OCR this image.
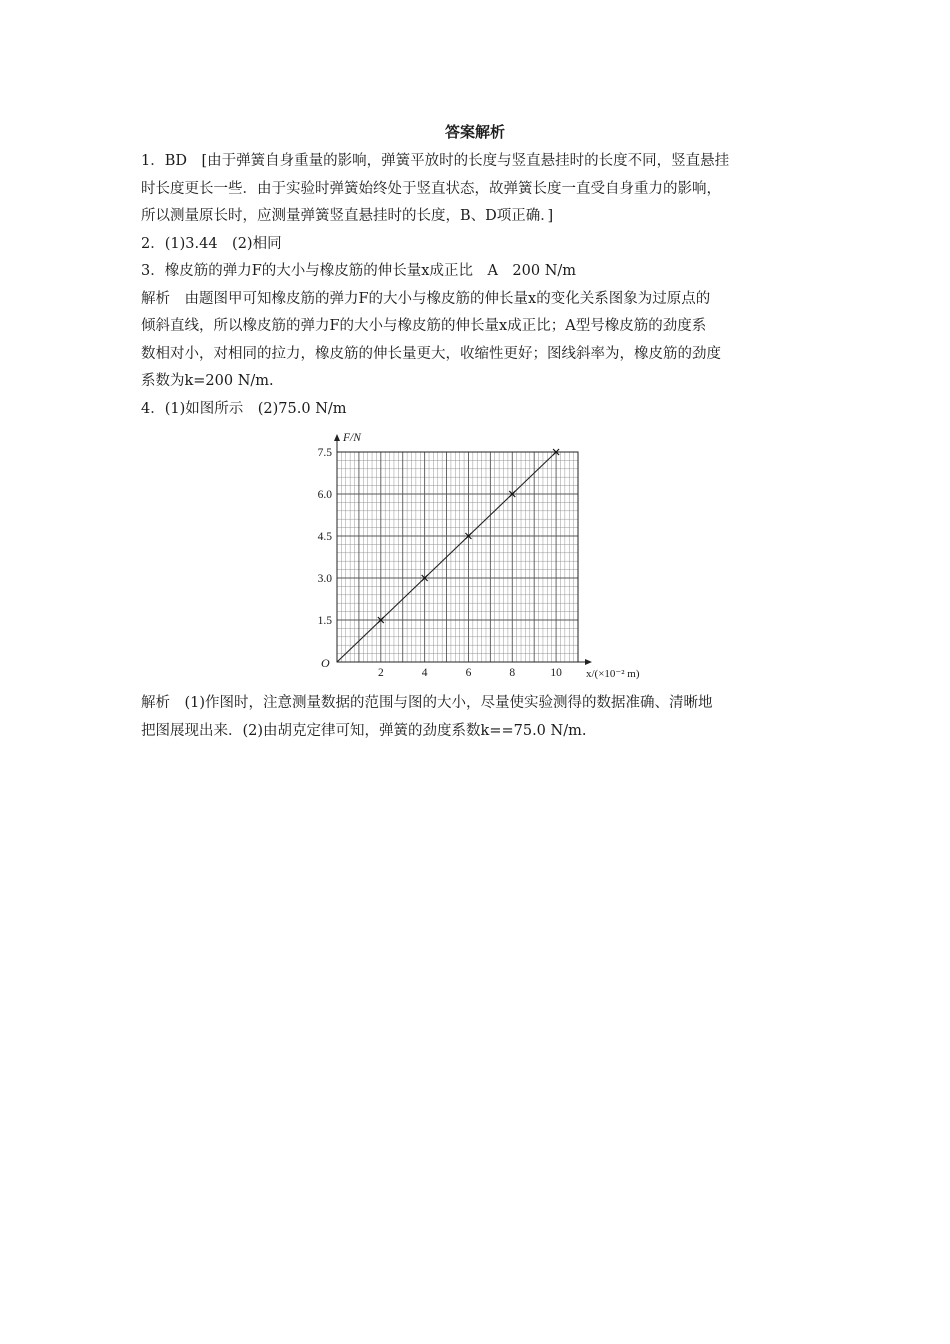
答案解析

1．BD　[由于弹簧自身重量的影响，弹簧平放时的长度与竖直悬挂时的长度不同，竖直悬挂

时长度更长一些．由于实验时弹簧始终处于竖直状态，故弹簧长度一直受自身重力的影响，

所以测量原长时，应测量弹簧竖直悬挂时的长度，B、D项正确．]

2．(1)3.44　(2)相同

3．橡皮筋的弹力F的大小与橡皮筋的伸长量x成正比　A　200 N/m

解析　由题图甲可知橡皮筋的弹力F的大小与橡皮筋的伸长量x的变化关系图象为过原点的

倾斜直线，所以橡皮筋的弹力F的大小与橡皮筋的伸长量x成正比；A型号橡皮筋的劲度系

数相对小，对相同的拉力，橡皮筋的伸长量更大，收缩性更好；图线斜率为，橡皮筋的劲度

系数为k=200 N/m.

4．(1)如图所示　(2)75.0 N/m

2	4	6	8	10
1.5
3.0
4.5
6.0
7.5
O
F/N
x/(×10⁻² m)

解析　(1)作图时，注意测量数据的范围与图的大小，尽量使实验测得的数据准确、清晰地

把图展现出来．(2)由胡克定律可知，弹簧的劲度系数k==75.0 N/m.
